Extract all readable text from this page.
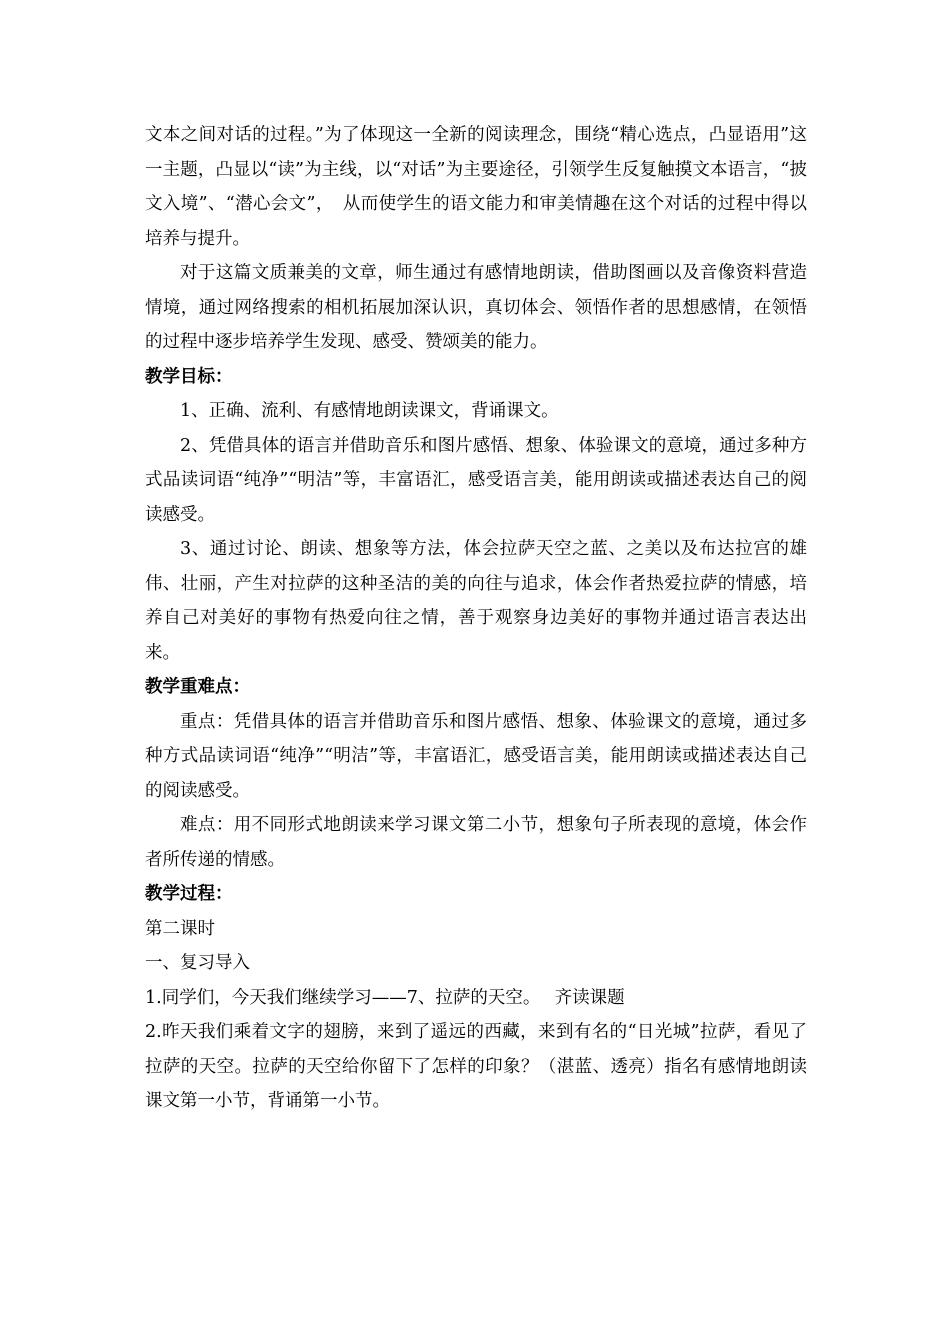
文本之间对话的过程。”为了体现这一全新的阅读理念，围绕“精心选点，凸显语用”这一主题，凸显以“读”为主线，以“对话”为主要途径，引领学生反复触摸文本语言，“披文入境”、“潜心会文”，　从而使学生的语文能力和审美情趣在这个对话的过程中得以培养与提升。

对于这篇文质兼美的文章，师生通过有感情地朗读，借助图画以及音像资料营造情境，通过网络搜索的相机拓展加深认识，真切体会、领悟作者的思想感情，在领悟的过程中逐步培养学生发现、感受、赞颂美的能力。

教学目标：

1、正确、流利、有感情地朗读课文，背诵课文。

2、凭借具体的语言并借助音乐和图片感悟、想象、体验课文的意境，通过多种方式品读词语“纯净”“明洁”等，丰富语汇，感受语言美，能用朗读或描述表达自己的阅读感受。

3、通过讨论、朗读、想象等方法，体会拉萨天空之蓝、之美以及布达拉宫的雄伟、壮丽，产生对拉萨的这种圣洁的美的向往与追求，体会作者热爱拉萨的情感，培养自己对美好的事物有热爱向往之情，善于观察身边美好的事物并通过语言表达出来。

教学重难点：

重点：凭借具体的语言并借助音乐和图片感悟、想象、体验课文的意境，通过多种方式品读词语“纯净”“明洁”等，丰富语汇，感受语言美，能用朗读或描述表达自己的阅读感受。

难点：用不同形式地朗读来学习课文第二小节，想象句子所表现的意境，体会作者所传递的情感。

教学过程：

第二课时

一、复习导入

1.同学们，今天我们继续学习——7、拉萨的天空。　 齐读课题

2.昨天我们乘着文字的翅膀，来到了遥远的西藏，来到有名的“日光城”拉萨，看见了拉萨的天空。拉萨的天空给你留下了怎样的印象？（湛蓝、透亮）指名有感情地朗读课文第一小节，背诵第一小节。
